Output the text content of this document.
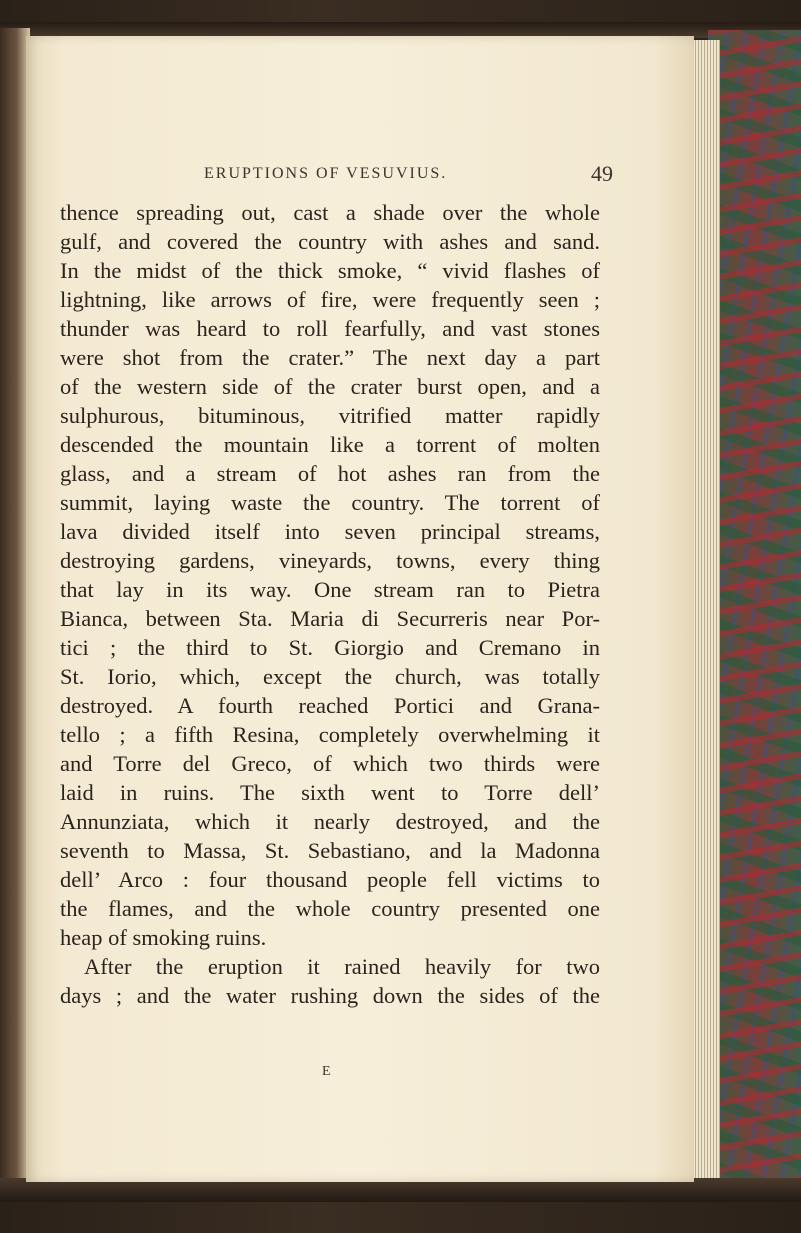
ERUPTIONS OF VESUVIUS.	49
thence spreading out, cast a shade over the whole
gulf, and covered the country with ashes and sand.
In the midst of the thick smoke, “ vivid flashes of
lightning, like arrows of fire, were frequently seen ;
thunder was heard to roll fearfully, and vast stones
were shot from the crater.” The next day a part
of the western side of the crater burst open, and a
sulphurous, bituminous, vitrified matter rapidly
descended the mountain like a torrent of molten
glass, and a stream of hot ashes ran from the
summit, laying waste the country. The torrent of
lava divided itself into seven principal streams,
destroying gardens, vineyards, towns, every thing
that lay in its way. One stream ran to Pietra
Bianca, between Sta. Maria di Securreris near Por-
tici ; the third to St. Giorgio and Cremano in
St. Iorio, which, except the church, was totally
destroyed. A fourth reached Portici and Grana-
tello ; a fifth Resina, completely overwhelming it
and Torre del Greco, of which two thirds were
laid in ruins. The sixth went to Torre dell’
Annunziata, which it nearly destroyed, and the
seventh to Massa, St. Sebastiano, and la Madonna
dell’ Arco : four thousand people fell victims to
the flames, and the whole country presented one
heap of smoking ruins.
After the eruption it rained heavily for two
days ; and the water rushing down the sides of the
E
